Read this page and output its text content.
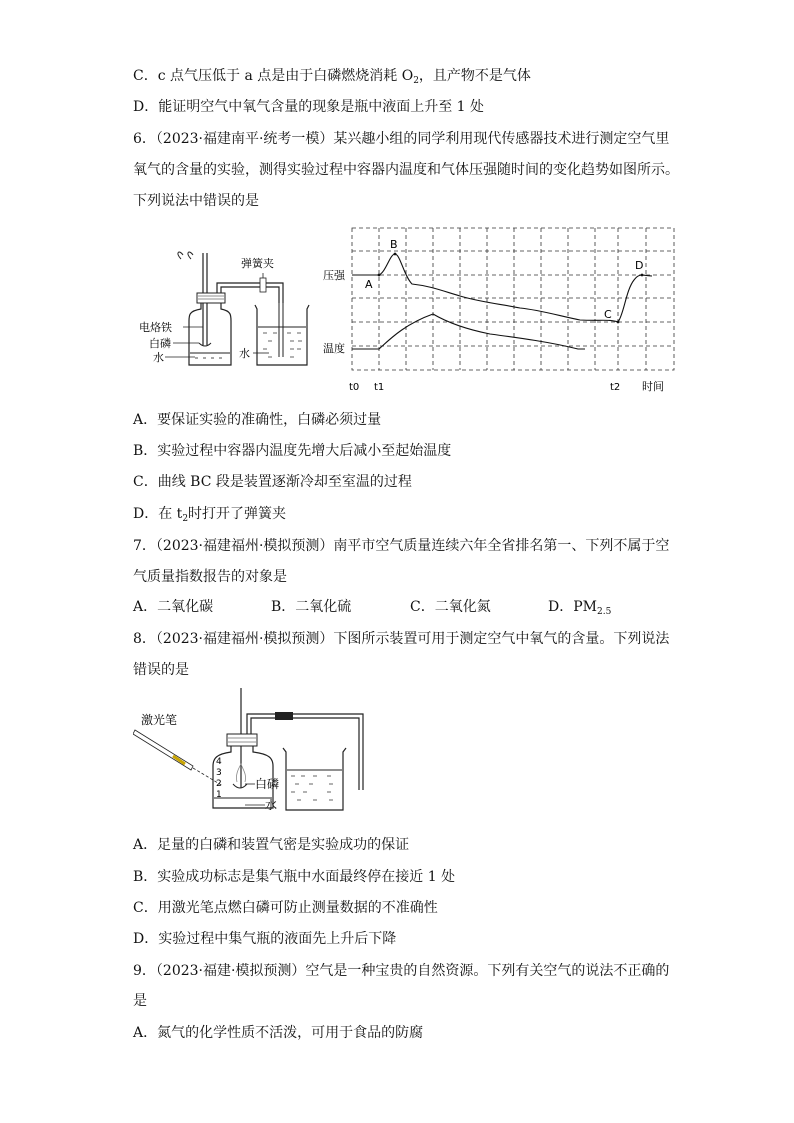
C．c 点气压低于 a 点是由于白磷燃烧消耗 $O_2$，且产物不是气体
D．能证明空气中氧气含量的现象是瓶中液面上升至 1 处
6．（2023·福建南平·统考一模）某兴趣小组的同学利用现代传感器技术进行测定空气里
氧气的含量的实验，测得实验过程中容器内温度和气体压强随时间的变化趋势如图所示。
下列说法中错误的是
弹簧夹
电烙铁
白磷
水	水
压强
温度
A
B
C
D
t0 t1	t2 时间
A．要保证实验的准确性，白磷必须过量
B．实验过程中容器内温度先增大后减小至起始温度
C．曲线 BC 段是装置逐渐冷却至室温的过程
D．在 $t_2$时打开了弹簧夹
7．（2023·福建福州·模拟预测）南平市空气质量连续六年全省排名第一、下列不属于空
气质量指数报告的对象是
A．二氧化碳	B．二氧化硫	C．二氧化氮	D．$PM_{2.5}$
8．（2023·福建福州·模拟预测）下图所示装置可用于测定空气中氧气的含量。下列说法
错误的是
激光笔
4
3
2
1
白磷
水
A．足量的白磷和装置气密是实验成功的保证
B．实验成功标志是集气瓶中水面最终停在接近 1 处
C．用激光笔点燃白磷可防止测量数据的不准确性
D．实验过程中集气瓶的液面先上升后下降
9．（2023·福建·模拟预测）空气是一种宝贵的自然资源。下列有关空气的说法不正确的
是
A．氮气的化学性质不活泼，可用于食品的防腐
